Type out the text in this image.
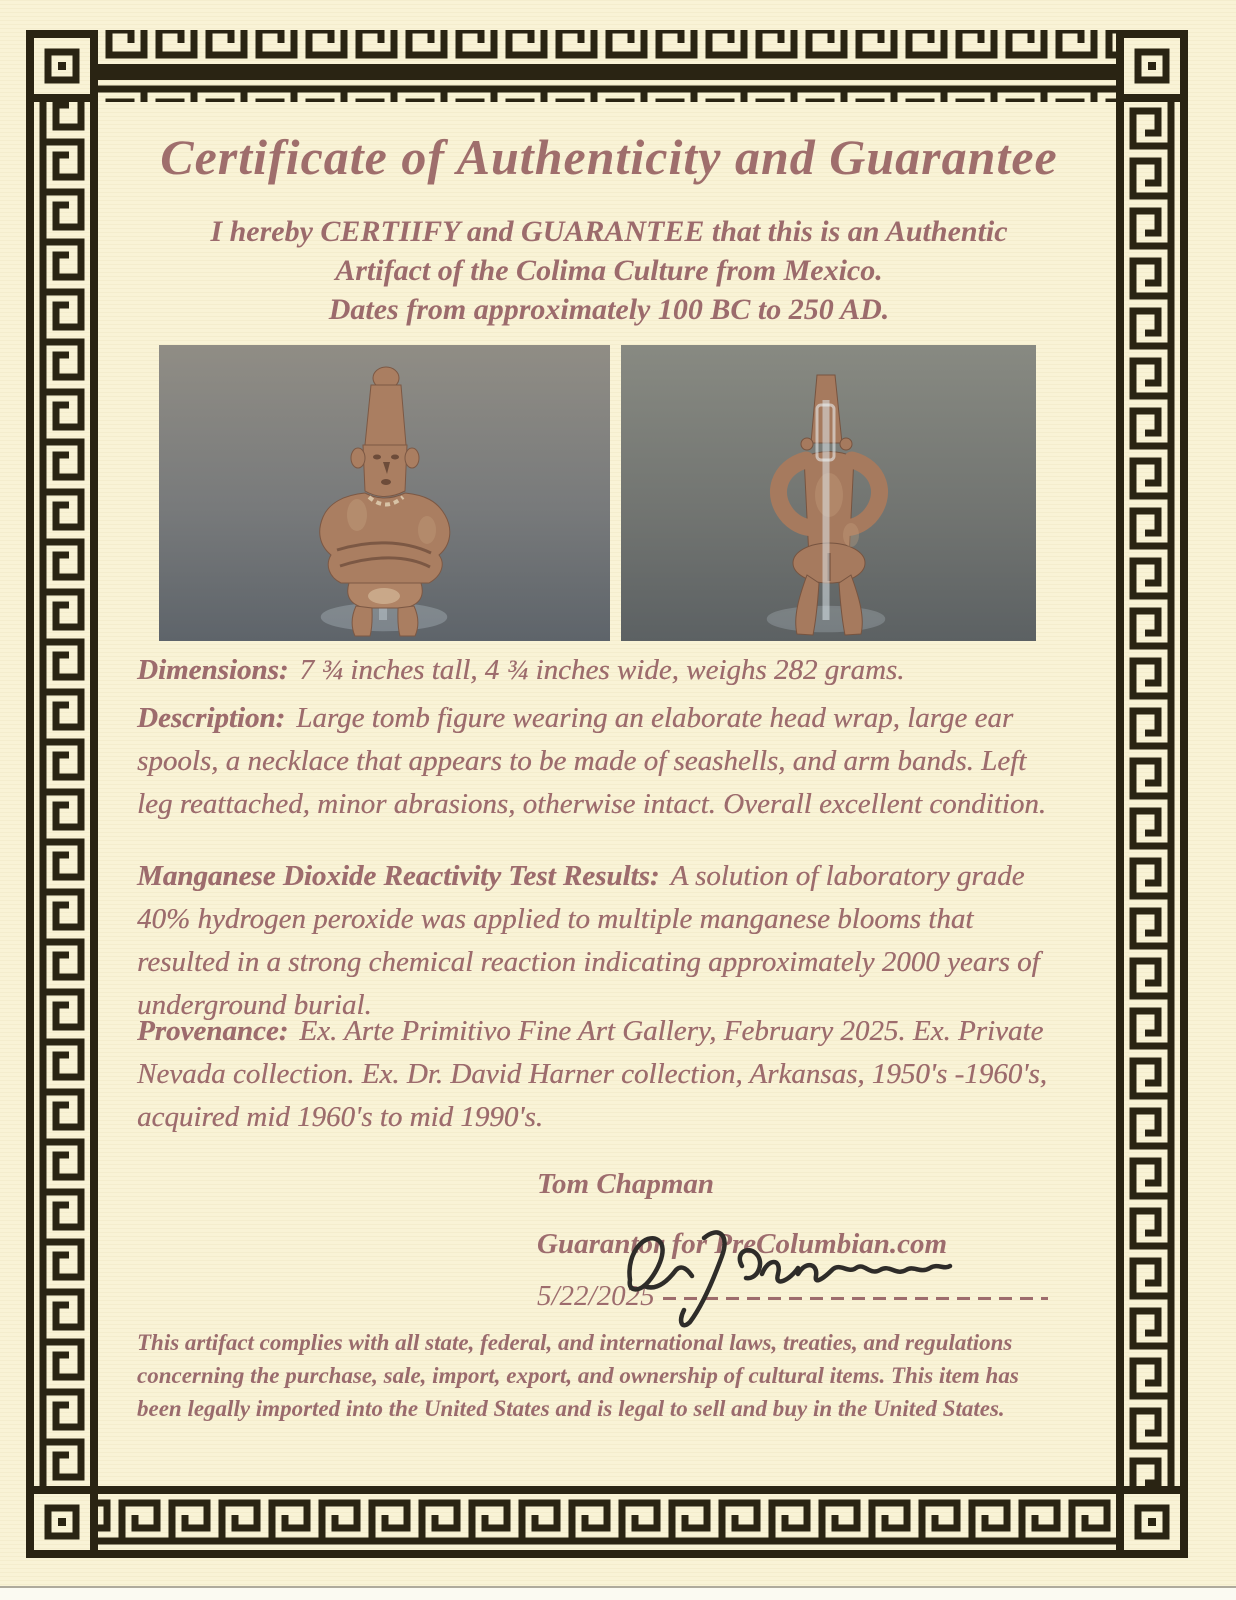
Certificate of Authenticity and Guarantee
I hereby CERTIIFY and GUARANTEE that this is an Authentic
Artifact of the Colima Culture from Mexico.
Dates from approximately 100 BC to 250 AD.

Dimensions: 7 ¾ inches tall, 4 ¾ inches wide, weighs 282 grams.

Description: Large tomb figure wearing an elaborate head wrap, large ear spools, a necklace that appears to be made of seashells, and arm bands. Left leg reattached, minor abrasions, otherwise intact. Overall excellent condition.

Manganese Dioxide Reactivity Test Results: A solution of laboratory grade 40% hydrogen peroxide was applied to multiple manganese blooms that resulted in a strong chemical reaction indicating approximately 2000 years of underground burial.

Provenance: Ex. Arte Primitivo Fine Art Gallery, February 2025. Ex. Private Nevada collection. Ex. Dr. David Harner collection, Arkansas, 1950's -1960's, acquired mid 1960's to mid 1990's.

Tom Chapman

Guarantor for PreColumbian.com

5/22/2025

This artifact complies with all state, federal, and international laws, treaties, and regulations
concerning the purchase, sale, import, export, and ownership of cultural items. This item has
been legally imported into the United States and is legal to sell and buy in the United States.
